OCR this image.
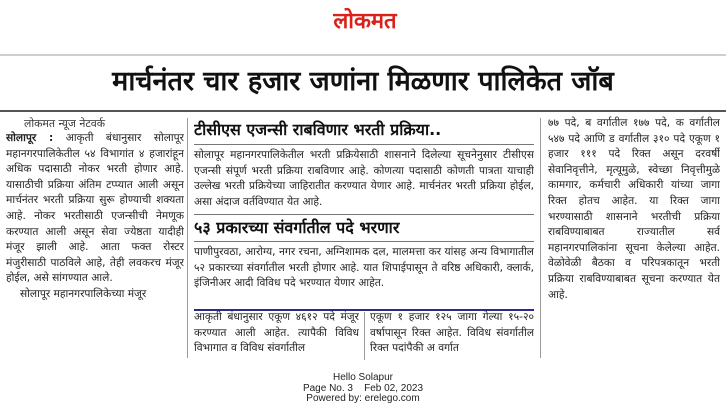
लोकमत
मार्चनंतर चार हजार जणांना मिळणार पालिकेत जॉब
लोकमत न्यूज नेटवर्क

सोलापूर : आकृती बंधानुसार सोलापूर महानगरपालिकेतील ५४ विभागांत ४ हजारांहून अधिक पदासाठी नोकर भरती होणार आहे. यासाठीची प्रक्रिया अंतिम टप्प्यात आली असून मार्चनंतर भरती प्रक्रिया सुरू होण्याची शक्यता आहे. नोकर भरतीसाठी एजन्सीची नेमणूक करण्यात आली असून सेवा ज्येष्ठता यादीही मंजूर झाली आहे. आता फक्त रोस्टर मंजुरीसाठी पाठविले आहे, तेही लवकरच मंजूर होईल, असे सांगण्यात आले.

सोलापूर महानगरपालिकेच्या मंजूर

टीसीएस एजन्सी राबविणार भरती प्रक्रिया..

सोलापूर महानगरपालिकेतील भरती प्रक्रियेसाठी शासनाने दिलेल्या सूचनेनुसार टीसीएस एजन्सी संपूर्ण भरती प्रक्रिया राबविणार आहे. कोणत्या पदासाठी कोणती पात्रता याचाही उल्लेख भरती प्रक्रियेच्या जाहिरातीत करण्यात येणार आहे. मार्चनंतर भरती प्रक्रिया होईल, असा अंदाज वर्तविण्यात येत आहे.

५३ प्रकारच्या संवर्गातील पदे भरणार

पाणीपुरवठा, आरोग्य, नगर रचना, अग्निशामक दल, मालमत्ता कर यांसह अन्य विभागातील ५२ प्रकारच्या संवर्गातील भरती होणार आहे. यात शिपाईपासून ते वरिष्ठ अधिकारी, क्लार्क, इंजिनीअर आदी विविध पदे भरण्यात येणार आहेत.

आकृती बंधानुसार एकूण ४६१२ पदे मंजूर करण्यात आली आहेत. त्यापैकी विविध विभागात व विविध संवर्गातील

एकूण १ हजार १२५ जागा गेल्या १५-२० वर्षापासून रिक्त आहेत. विविध संवर्गातील रिक्त पदांपैकी अ वर्गात

७७ पदे, ब वर्गातील १७७ पदे, क वर्गातील ५४७ पदे आणि ड वर्गातील ३१० पदे एकूण १ हजार १११ पदे रिक्त असून दरवर्षी सेवानिवृत्तीने, मृत्यूमुळे, स्वेच्छा निवृत्तीमुळे कामगार, कर्मचारी अधिकारी यांच्या जागा रिक्त होतच आहेत. या रिक्त जागा भरण्यासाठी शासनाने भरतीची प्रक्रिया राबविण्याबाबत राज्यातील सर्व महानगरपालिकांना सूचना केलेल्या आहेत. वेळोवेळी बैठका व परिपत्रकातून भरती प्रक्रिया राबविण्याबाबत सूचना करण्यात येत आहे.

Hello Solapur
Page No. 3    Feb 02, 2023
Powered by: erelego.com
